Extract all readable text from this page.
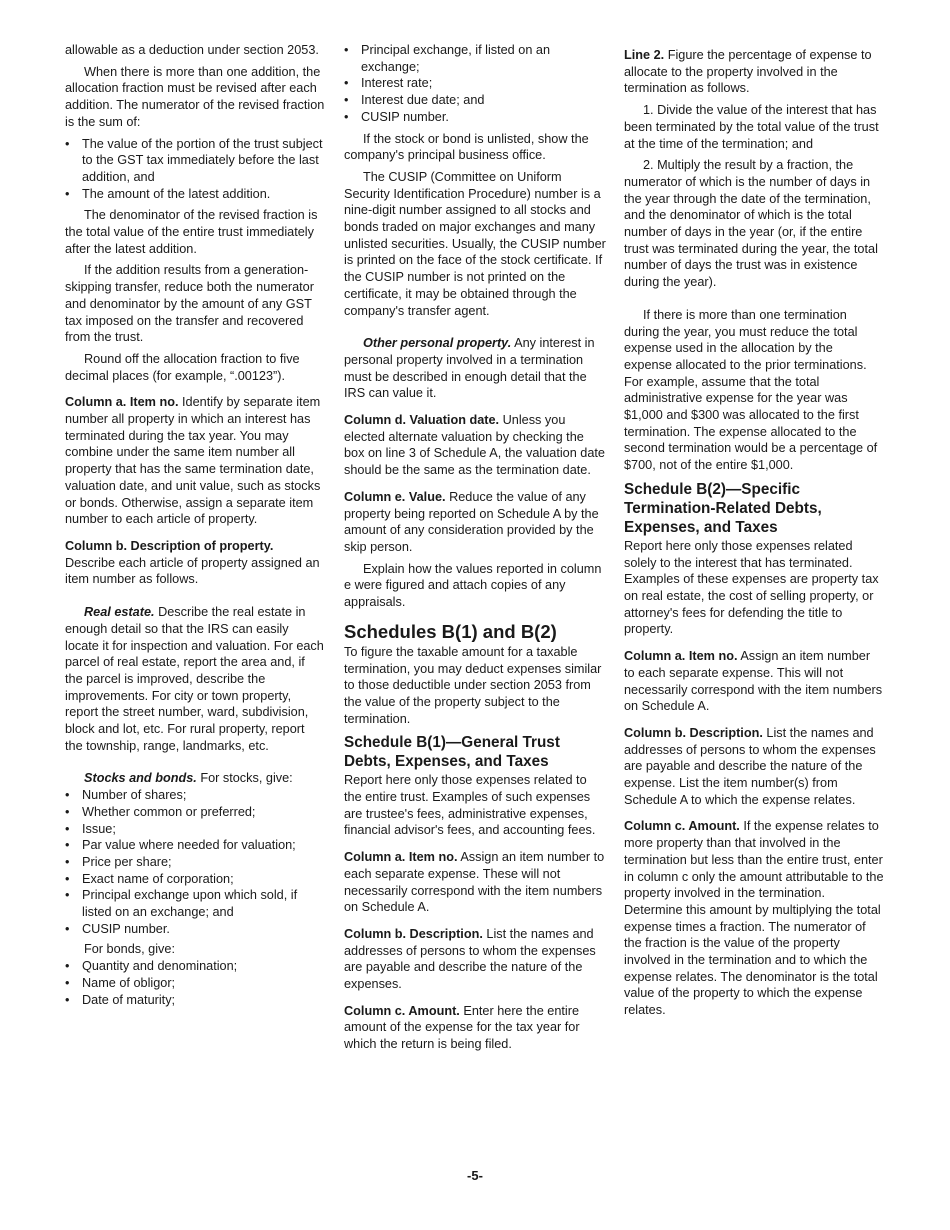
allowable as a deduction under section 2053.

When there is more than one addition, the allocation fraction must be revised after each addition. The numerator of the revised fraction is the sum of:

• The value of the portion of the trust subject to the GST tax immediately before the last addition, and

• The amount of the latest addition.

The denominator of the revised fraction is the total value of the entire trust immediately after the latest addition.

If the addition results from a generation-skipping transfer, reduce both the numerator and denominator by the amount of any GST tax imposed on the transfer and recovered from the trust.

Round off the allocation fraction to five decimal places (for example, “.00123”).

Column a. Item no. Identify by separate item number all property in which an interest has terminated during the tax year. You may combine under the same item number all property that has the same termination date, valuation date, and unit value, such as stocks or bonds. Otherwise, assign a separate item number to each article of property.

Column b. Description of property. Describe each article of property assigned an item number as follows.

Real estate. Describe the real estate in enough detail so that the IRS can easily locate it for inspection and valuation. For each parcel of real estate, report the area and, if the parcel is improved, describe the improvements. For city or town property, report the street number, ward, subdivision, block and lot, etc. For rural property, report the township, range, landmarks, etc.

Stocks and bonds. For stocks, give:

• Number of shares;

• Whether common or preferred;

• Issue;

• Par value where needed for valuation;

• Price per share;

• Exact name of corporation;

• Principal exchange upon which sold, if listed on an exchange; and

• CUSIP number.

For bonds, give:

• Quantity and denomination;

• Name of obligor;

• Date of maturity;

• Principal exchange, if listed on an exchange;

• Interest rate;

• Interest due date; and

• CUSIP number.

If the stock or bond is unlisted, show the company's principal business office.

The CUSIP (Committee on Uniform Security Identification Procedure) number is a nine-digit number assigned to all stocks and bonds traded on major exchanges and many unlisted securities. Usually, the CUSIP number is printed on the face of the stock certificate. If the CUSIP number is not printed on the certificate, it may be obtained through the company's transfer agent.

Other personal property. Any interest in personal property involved in a termination must be described in enough detail that the IRS can value it.

Column d. Valuation date. Unless you elected alternate valuation by checking the box on line 3 of Schedule A, the valuation date should be the same as the termination date.

Column e. Value. Reduce the value of any property being reported on Schedule A by the amount of any consideration provided by the skip person.

Explain how the values reported in column e were figured and attach copies of any appraisals.

Schedules B(1) and B(2)

To figure the taxable amount for a taxable termination, you may deduct expenses similar to those deductible under section 2053 from the value of the property subject to the termination.

Schedule B(1)—General Trust Debts, Expenses, and Taxes

Report here only those expenses related to the entire trust. Examples of such expenses are trustee's fees, administrative expenses, financial advisor's fees, and accounting fees.

Column a. Item no. Assign an item number to each separate expense. These will not necessarily correspond with the item numbers on Schedule A.

Column b. Description. List the names and addresses of persons to whom the expenses are payable and describe the nature of the expenses.

Column c. Amount. Enter here the entire amount of the expense for the tax year for which the return is being filed.

Line 2. Figure the percentage of expense to allocate to the property involved in the termination as follows.

1. Divide the value of the interest that has been terminated by the total value of the trust at the time of the termination; and

2. Multiply the result by a fraction, the numerator of which is the number of days in the year through the date of the termination, and the denominator of which is the total number of days in the year (or, if the entire trust was terminated during the year, the total number of days the trust was in existence during the year).

If there is more than one termination during the year, you must reduce the total expense used in the allocation by the expense allocated to the prior terminations. For example, assume that the total administrative expense for the year was $1,000 and $300 was allocated to the first termination. The expense allocated to the second termination would be a percentage of $700, not of the entire $1,000.

Schedule B(2)—Specific Termination-Related Debts, Expenses, and Taxes

Report here only those expenses related solely to the interest that has terminated. Examples of these expenses are property tax on real estate, the cost of selling property, or attorney's fees for defending the title to property.

Column a. Item no. Assign an item number to each separate expense. This will not necessarily correspond with the item numbers on Schedule A.

Column b. Description. List the names and addresses of persons to whom the expenses are payable and describe the nature of the expense. List the item number(s) from Schedule A to which the expense relates.

Column c. Amount. If the expense relates to more property than that involved in the termination but less than the entire trust, enter in column c only the amount attributable to the property involved in the termination. Determine this amount by multiplying the total expense times a fraction. The numerator of the fraction is the value of the property involved in the termination and to which the expense relates. The denominator is the total value of the property to which the expense relates.

-5-
